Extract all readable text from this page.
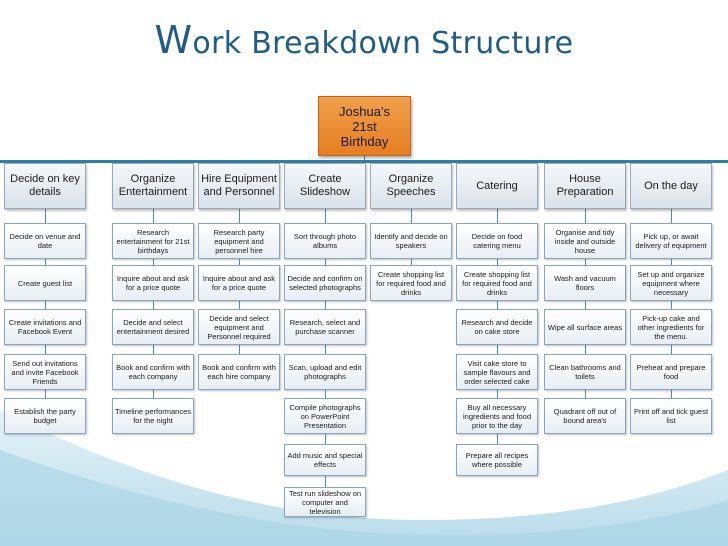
Work Breakdown Structure
Joshua's 21st Birthday
Decide on key details
Decide on venue and date
Create guest list
Create invitations and Facebook Event
Send out invitations and invite Facebook Friends
Establish the party budget
Organize Entertainment
Research entertainment for 21st birthdays
Inquire about and ask for a price quote
Decide and select entertainment desired
Book and confirm with each company
Timeline performances for the night
Hire Equipment and Personnel
Research party equipment and personnel hire
Inquire about and ask for a price quote
Decide and select equipment and Personnel required
Book and confirm with each hire company
Create Slideshow
Sort through photo albums
Decide and confirm on selected photographs
Research, select and purchase scanner
Scan, upload and edit photographs
Compile photographs on PowerPoint Presentation
Add music and special effects
Test run slideshow on computer and television
Organize Speeches
Identify and decide on speakers
Create shopping list for required food and drinks
Catering
Decide on food catering menu
Create shopping list for required food and drinks
Research and decide on cake store
Visit cake store to sample flavours and order selected cake
Buy all necessary ingredients and food prior to the day
Prepare all recipes where possible
House Preparation
Organise and tidy inside and outside house
Wash and vacuum floors
Wipe all surface areas
Clean bathrooms and toilets
Quadrant off out of bound area's
On the day
Pick up, or await delivery of equipment
Set up and organize equipment where necessary
Pick-up cake and other ingredients for the menu.
Preheat and prepare food
Print off and tick guest list
